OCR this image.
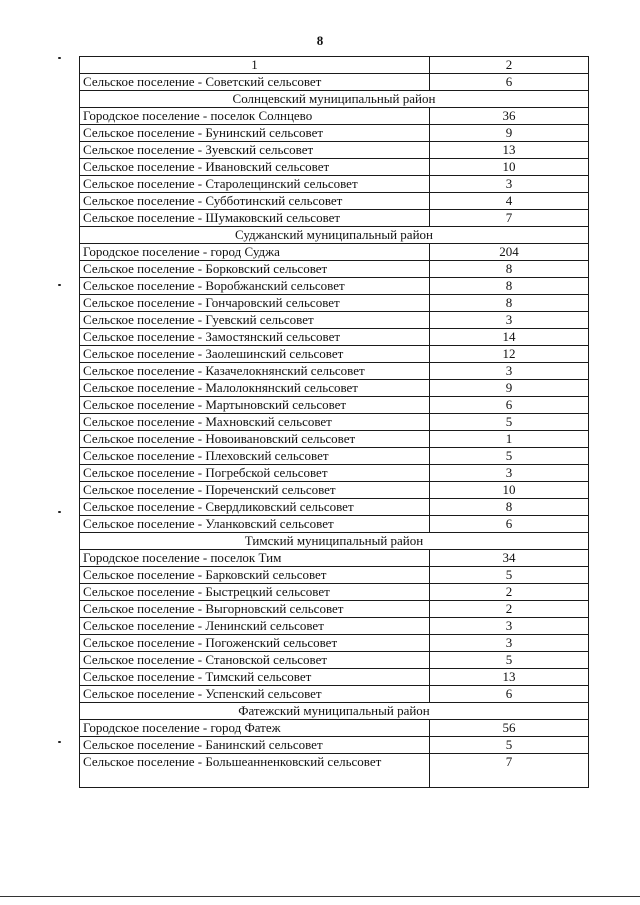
8
1	2
Сельское поселение - Советский сельсовет	6
Солнцевский муниципальный район	
Городское поселение - поселок Солнцево	36
Сельское поселение - Бунинский сельсовет	9
Сельское поселение - Зуевский сельсовет	13
Сельское поселение - Ивановский сельсовет	10
Сельское поселение - Старолещинский сельсовет	3
Сельское поселение - Субботинский сельсовет	4
Сельское поселение - Шумаковский сельсовет	7
Суджанский муниципальный район	
Городское поселение - город Суджа	204
Сельское поселение - Борковский сельсовет	8
Сельское поселение - Воробжанский сельсовет	8
Сельское поселение - Гончаровский сельсовет	8
Сельское поселение - Гуевский сельсовет	3
Сельское поселение - Замостянский сельсовет	14
Сельское поселение - Заолешинский сельсовет	12
Сельское поселение - Казачелокнянский сельсовет	3
Сельское поселение - Малолокнянский сельсовет	9
Сельское поселение - Мартыновский сельсовет	6
Сельское поселение - Махновский сельсовет	5
Сельское поселение - Новоивановский сельсовет	1
Сельское поселение - Плеховский сельсовет	5
Сельское поселение - Погребской сельсовет	3
Сельское поселение - Пореченский сельсовет	10
Сельское поселение - Свердликовский сельсовет	8
Сельское поселение - Уланковский сельсовет	6
Тимский муниципальный район	
Городское поселение - поселок Тим	34
Сельское поселение - Барковский сельсовет	5
Сельское поселение - Быстрецкий сельсовет	2
Сельское поселение - Выгорновский сельсовет	2
Сельское поселение - Ленинский сельсовет	3
Сельское поселение - Погоженский сельсовет	3
Сельское поселение - Становской сельсовет	5
Сельское поселение - Тимский сельсовет	13
Сельское поселение - Успенский сельсовет	6
Фатежский муниципальный район	
Городское поселение - город Фатеж	56
Сельское поселение - Банинский сельсовет	5
Сельское поселение - Большеанненковский сельсовет	7
